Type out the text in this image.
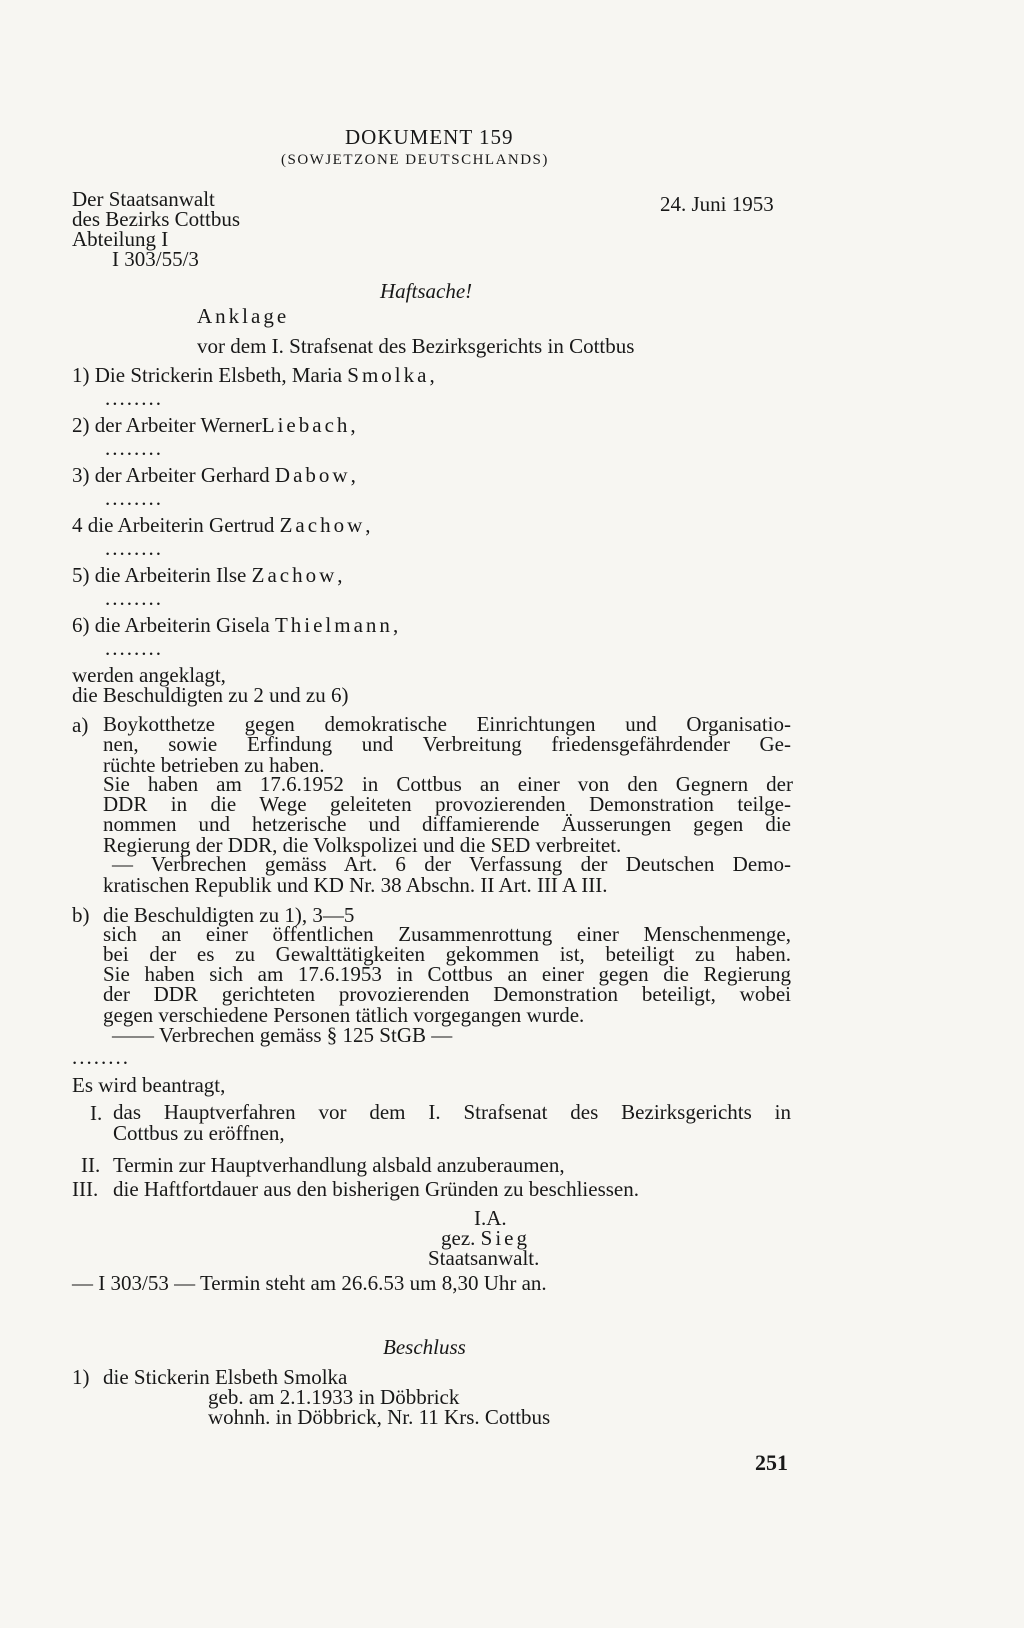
DOKUMENT 159
(SOWJETZONE DEUTSCHLANDS)
Der Staatsanwalt
des Bezirks Cottbus
Abteilung I
I 303/55/3
24. Juni 1953
Haftsache!
Anklage
vor dem I. Strafsenat des Bezirksgerichts in Cottbus
1) Die Strickerin Elsbeth, Maria Smolka,
........
2) der Arbeiter WernerLiebach,
........
3) der Arbeiter Gerhard Dabow,
........
4 die Arbeiterin Gertrud Zachow,
........
5) die Arbeiterin Ilse Zachow,
........
6) die Arbeiterin Gisela Thielmann,
........
werden angeklagt,
die Beschuldigten zu 2 und zu 6)
a) Boykotthetze gegen demokratische Einrichtungen und Organisatio-
nen, sowie Erfindung und Verbreitung friedensgefährdender Ge-
rüchte betrieben zu haben.
Sie haben am 17.6.1952 in Cottbus an einer von den Gegnern der
DDR in die Wege geleiteten provozierenden Demonstration teilge-
nommen und hetzerische und diffamierende Äusserungen gegen die
Regierung der DDR, die Volkspolizei und die SED verbreitet.
— Verbrechen gemäss Art. 6 der Verfassung der Deutschen Demo-
kratischen Republik und KD Nr. 38 Abschn. II Art. III A III.
b) die Beschuldigten zu 1), 3—5
sich an einer öffentlichen Zusammenrottung einer Menschenmenge,
bei der es zu Gewalttätigkeiten gekommen ist, beteiligt zu haben.
Sie haben sich am 17.6.1953 in Cottbus an einer gegen die Regierung
der DDR gerichteten provozierenden Demonstration beteiligt, wobei
gegen verschiedene Personen tätlich vorgegangen wurde.
—— Verbrechen gemäss § 125 StGB —
........
Es wird beantragt,
I. das Hauptverfahren vor dem I. Strafsenat des Bezirksgerichts in
Cottbus zu eröffnen,
II. Termin zur Hauptverhandlung alsbald anzuberaumen,
III. die Haftfortdauer aus den bisherigen Gründen zu beschliessen.
I.A.
gez. Sieg
Staatsanwalt.
— I 303/53 — Termin steht am 26.6.53 um 8,30 Uhr an.
Beschluss
1) die Stickerin Elsbeth Smolka
geb. am 2.1.1933 in Döbbrick
wohnh. in Döbbrick, Nr. 11 Krs. Cottbus
251
